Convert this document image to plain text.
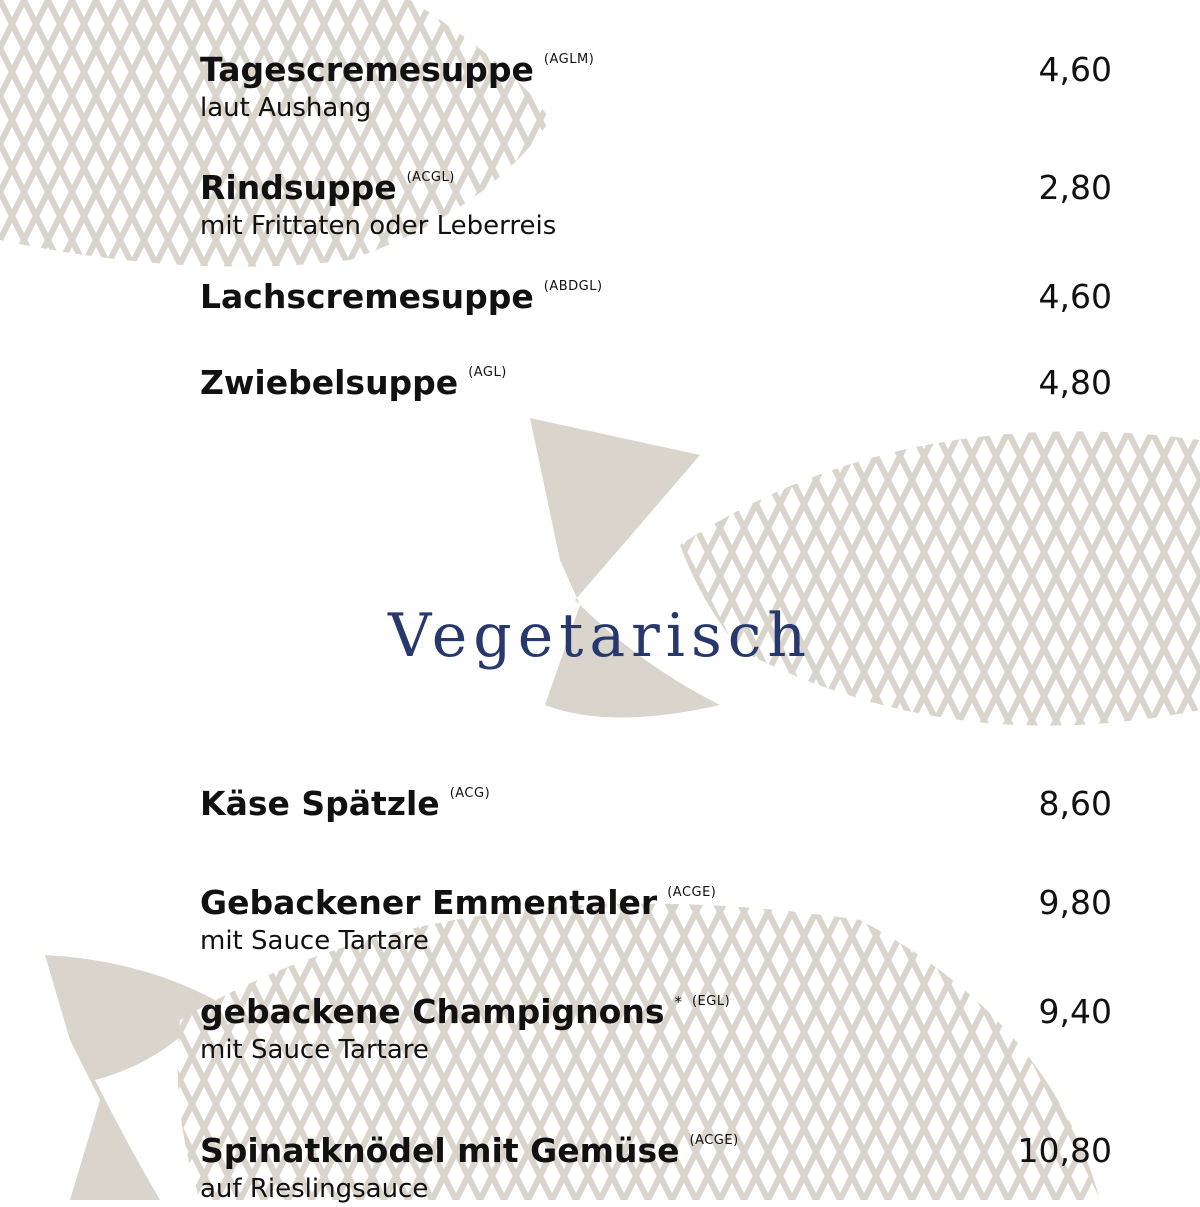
Tagescremesuppe (AGLM)	4,60
laut Aushang
Rindsuppe (ACGL)	2,80
mit Frittaten oder Leberreis
Lachscremesuppe (ABDGL)	4,60
Zwiebelsuppe (AGL)	4,80
Vegetarisch
Käse Spätzle (ACG)	8,60
Gebackener Emmentaler (ACGE)	9,80
mit Sauce Tartare
gebackene Champignons * (EGL)	9,40
mit Sauce Tartare
Spinatknödel mit Gemüse (ACGE)	10,80
auf Rieslingsauce
